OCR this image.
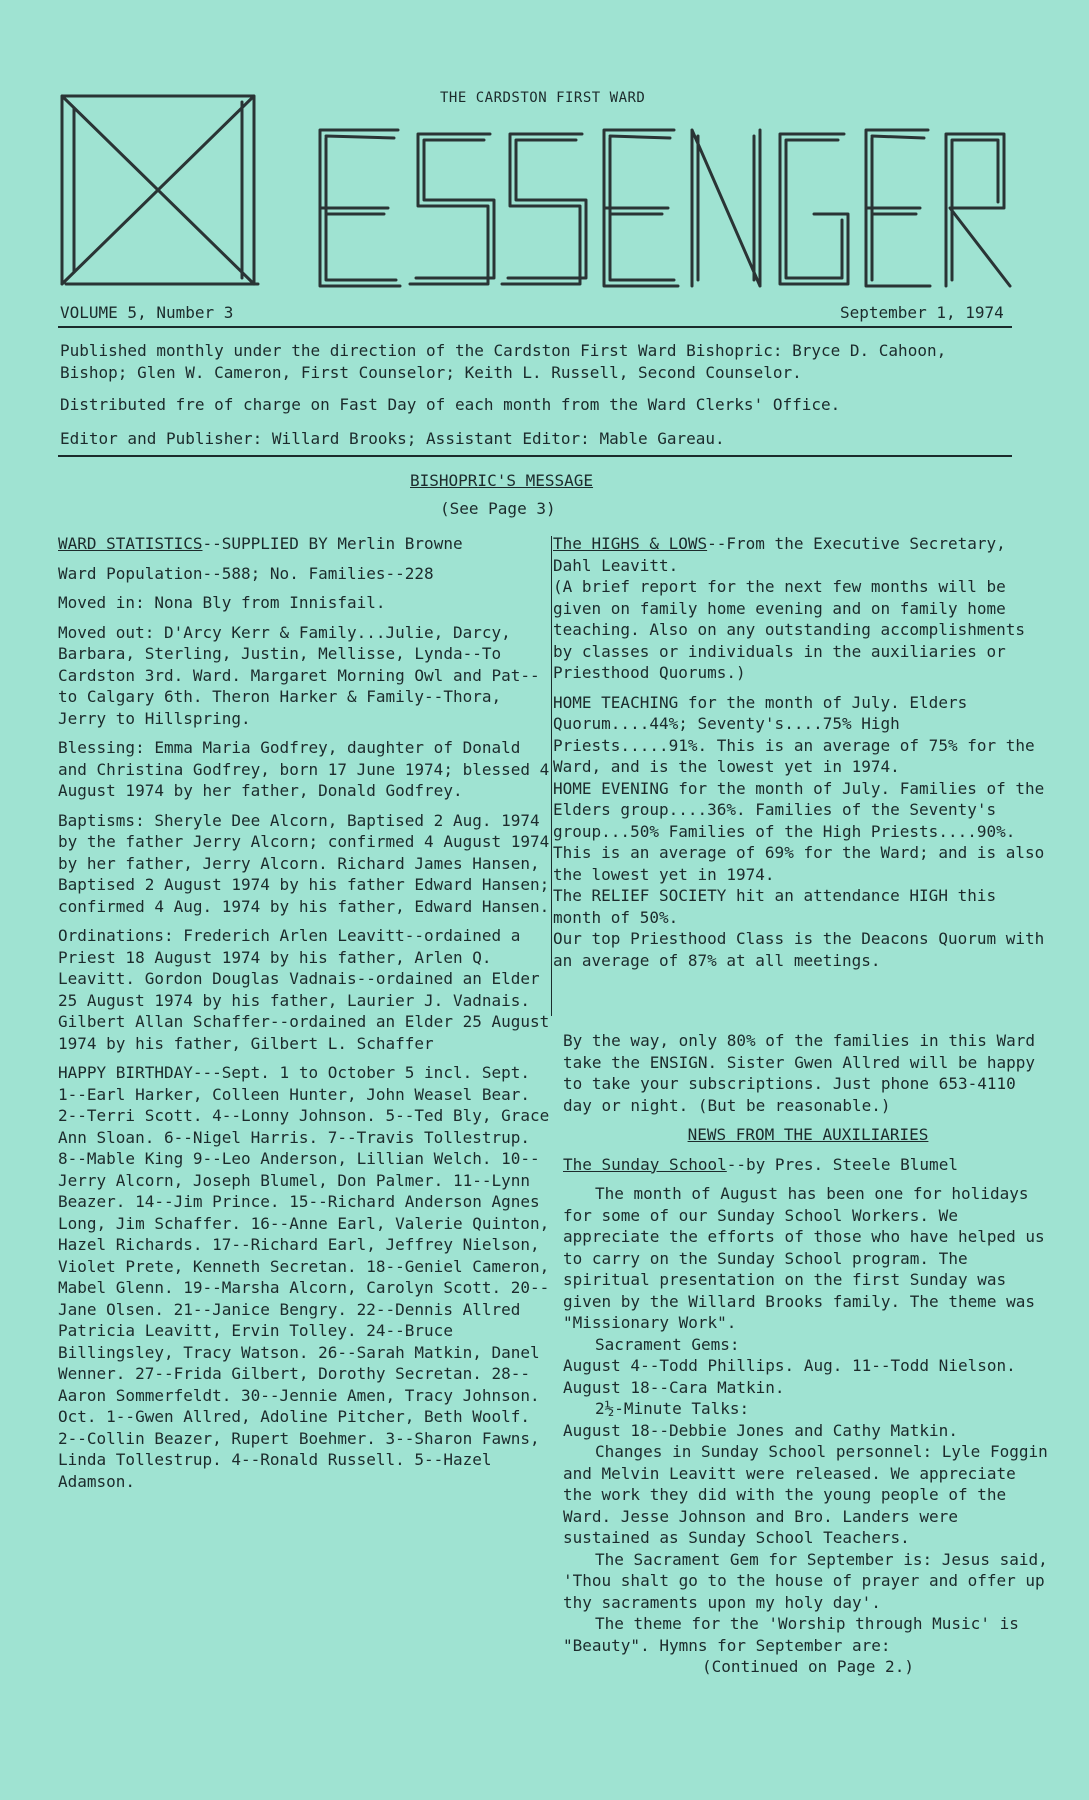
THE CARDSTON FIRST WARD
VOLUME 5, Number 3	September 1, 1974
Published monthly under the direction of the Cardston First Ward Bishopric: Bryce D. Cahoon, Bishop; Glen W. Cameron, First Counselor; Keith L. Russell, Second Counselor.
Distributed fre of charge on Fast Day of each month from the Ward Clerks' Office.
Editor and Publisher: Willard Brooks; Assistant Editor: Mable Gareau.
BISHOPRIC'S MESSAGE
(See Page 3)

WARD STATISTICS--SUPPLIED BY Merlin Browne

Ward Population--588; No. Families--228

Moved in: Nona Bly from Innisfail.

Moved out: D'Arcy Kerr & Family...Julie, Darcy, Barbara, Sterling, Justin, Mellisse, Lynda--To Cardston 3rd. Ward. Margaret Morning Owl and Pat--to Calgary 6th. Theron Harker & Family--Thora, Jerry to Hillspring.

Blessing: Emma Maria Godfrey, daughter of Donald and Christina Godfrey, born 17 June 1974; blessed 4 August 1974 by her father, Donald Godfrey.

Baptisms: Sheryle Dee Alcorn, Baptised 2 Aug. 1974 by the father Jerry Alcorn; confirmed 4 August 1974 by her father, Jerry Alcorn. Richard James Hansen, Baptised 2 August 1974 by his father Edward Hansen; confirmed 4 Aug. 1974 by his father, Edward Hansen.

Ordinations: Frederich Arlen Leavitt--ordained a Priest 18 August 1974 by his father, Arlen Q. Leavitt. Gordon Douglas Vadnais--ordained an Elder 25 August 1974 by his father, Laurier J. Vadnais. Gilbert Allan Schaffer--ordained an Elder 25 August 1974 by his father, Gilbert L. Schaffer

HAPPY BIRTHDAY---Sept. 1 to October 5 incl. Sept. 1--Earl Harker, Colleen Hunter, John Weasel Bear. 2--Terri Scott. 4--Lonny Johnson. 5--Ted Bly, Grace Ann Sloan. 6--Nigel Harris. 7--Travis Tollestrup. 8--Mable King 9--Leo Anderson, Lillian Welch. 10--Jerry Alcorn, Joseph Blumel, Don Palmer. 11--Lynn Beazer. 14--Jim Prince. 15--Richard Anderson Agnes Long, Jim Schaffer. 16--Anne Earl, Valerie Quinton, Hazel Richards. 17--Richard Earl, Jeffrey Nielson, Violet Prete, Kenneth Secretan. 18--Geniel Cameron, Mabel Glenn. 19--Marsha Alcorn, Carolyn Scott. 20--Jane Olsen. 21--Janice Bengry. 22--Dennis Allred Patricia Leavitt, Ervin Tolley. 24--Bruce Billingsley, Tracy Watson. 26--Sarah Matkin, Danel Wenner. 27--Frida Gilbert, Dorothy Secretan. 28--Aaron Sommerfeldt. 30--Jennie Amen, Tracy Johnson. Oct. 1--Gwen Allred, Adoline Pitcher, Beth Woolf. 2--Collin Beazer, Rupert Boehmer. 3--Sharon Fawns, Linda Tollestrup. 4--Ronald Russell. 5--Hazel Adamson.

The HIGHS & LOWS--From the Executive Secretary, Dahl Leavitt.

(A brief report for the next few months will be given on family home evening and on family home teaching. Also on any outstanding accomplishments by classes or individuals in the auxiliaries or Priesthood Quorums.)

HOME TEACHING for the month of July. Elders Quorum....44%; Seventy's....75% High Priests.....91%. This is an average of 75% for the Ward, and is the lowest yet in 1974.

HOME EVENING for the month of July. Families of the Elders group....36%. Families of the Seventy's group...50% Families of the High Priests....90%. This is an average of 69% for the Ward; and is also the lowest yet in 1974.

The RELIEF SOCIETY hit an attendance HIGH this month of 50%.

Our top Priesthood Class is the Deacons Quorum with an average of 87% at all meetings.

By the way, only 80% of the families in this Ward take the ENSIGN. Sister Gwen Allred will be happy to take your subscriptions. Just phone 653-4110 day or night. (But be reasonable.)

NEWS FROM THE AUXILIARIES

The Sunday School--by Pres. Steele Blumel

The month of August has been one for holidays for some of our Sunday School Workers. We appreciate the efforts of those who have helped us to carry on the Sunday School program. The spiritual presentation on the first Sunday was given by the Willard Brooks family. The theme was "Missionary Work".

Sacrament Gems:

August 4--Todd Phillips. Aug. 11--Todd Nielson.

August 18--Cara Matkin.

2½-Minute Talks:

August 18--Debbie Jones and Cathy Matkin.

Changes in Sunday School personnel: Lyle Foggin and Melvin Leavitt were released. We appreciate the work they did with the young people of the Ward. Jesse Johnson and Bro. Landers were sustained as Sunday School Teachers.

The Sacrament Gem for September is: Jesus said, 'Thou shalt go to the house of prayer and offer up thy sacraments upon my holy day'.

The theme for the 'Worship through Music' is "Beauty". Hymns for September are:

(Continued on Page 2.)
